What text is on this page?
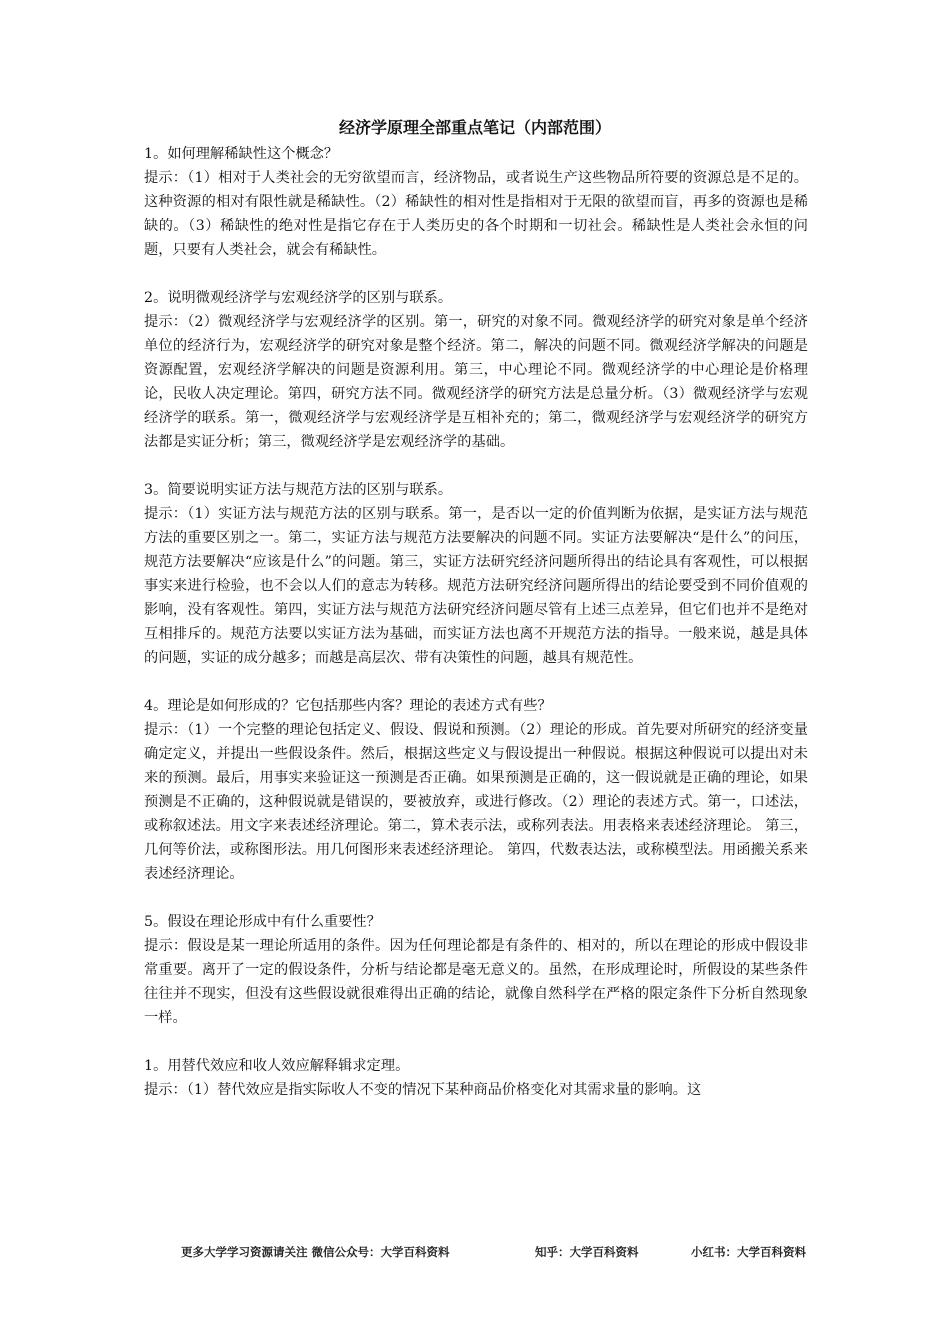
经济学原理全部重点笔记（内部范围）

1。如何理解稀缺性这个概念？

提示：（1）相对于人类社会的无穷欲望而言，经济物品，或者说生产这些物品所符要的资源总是不足的。这种资源的相对有限性就是稀缺性。（2）稀缺性的相对性是指相对于无限的欲望而盲，再多的资源也是稀缺的。（3）稀缺性的绝对性是指它存在于人类历史的各个时期和一切社会。稀缺性是人类社会永恒的问题，只要有人类社会，就会有稀缺性。

2。说明微观经济学与宏观经济学的区别与联系。

提示：（2）微观经济学与宏观经济学的区别。第一，研究的对象不同。微观经济学的研究对象是单个经济单位的经济行为，宏观经济学的研究对象是整个经济。第二，解决的问题不同。微观经济学解决的问题是资源配置，宏观经济学解决的问题是资源利用。第三，中心理论不同。微观经济学的中心理论是价格理论，民收人决定理论。第四，研究方法不同。微观经济学的研究方法是总量分析。（3）微观经济学与宏观经济学的联系。第一，微观经济学与宏观经济学是互相补充的；第二，微观经济学与宏观经济学的研究方法都是实证分析；第三，微观经济学是宏观经济学的基础。

3。简要说明实证方法与规范方法的区别与联系。

提示：（1）实证方法与规范方法的区别与联系。第一，是否以一定的价值判断为依据，是实证方法与规范方法的重要区别之一。第二，实证方法与规范方法要解决的问题不同。实证方法要解决“是什么”的问压，规范方法要解决“应该是什么”的问题。第三，实证方法研究经济问题所得出的结论具有客观性，可以根据事实来进行检验，也不会以人们的意志为转移。规范方法研究经济问题所得出的结论要受到不同价值观的影响，没有客观性。第四，实证方法与规范方法研究经济问题尽管有上述三点差异，但它们也并不是绝对互相排斥的。规范方法要以实证方法为基础，而实证方法也离不开规范方法的指导。一般来说，越是具体的问题，实证的成分越多；而越是高层次、带有决策性的问题，越具有规范性。

4。理论是如何形成的？它包括那些内客？理论的表述方式有些？

提示：（1）一个完整的理论包括定义、假设、假说和预测。（2）理论的形成。首先要对所研究的经济变量确定定义，并提出一些假设条件。然后，根据这些定义与假设提出一种假说。根据这种假说可以提出对未来的预测。最后，用事实来验证这一预测是否正确。如果预测是正确的，这一假说就是正确的理论，如果预测是不正确的，这种假说就是错误的，要被放弃，或进行修改。（2）理论的表述方式。第一，口述法，或称叙述法。用文字来表述经济理论。第二，算术表示法，或称列表法。用表格来表述经济理论。 第三，几何等价法，或称图形法。用几何图形来表述经济理论。 第四，代数表达法，或称模型法。用函搬关系来表述经济理论。

5。假设在理论形成中有什么重要性？

提示：假设是某一理论所适用的条件。因为任何理论都是有条件的、相对的，所以在理论的形成中假设非常重要。离开了一定的假设条件，分析与结论都是毫无意义的。虽然，在形成理论时，所假设的某些条件往往并不现实，但没有这些假设就很难得出正确的结论，就像自然科学在严格的限定条件下分析自然现象一样。

1。用替代效应和收人效应解释辑求定理。

提示：（1）替代效应是指实际收人不变的情况下某种商品价格变化对其需求量的影响。这

更多大学学习资源请关注 微信公众号：大学百科资料	知乎：大学百科资料	小红书：大学百科资料
